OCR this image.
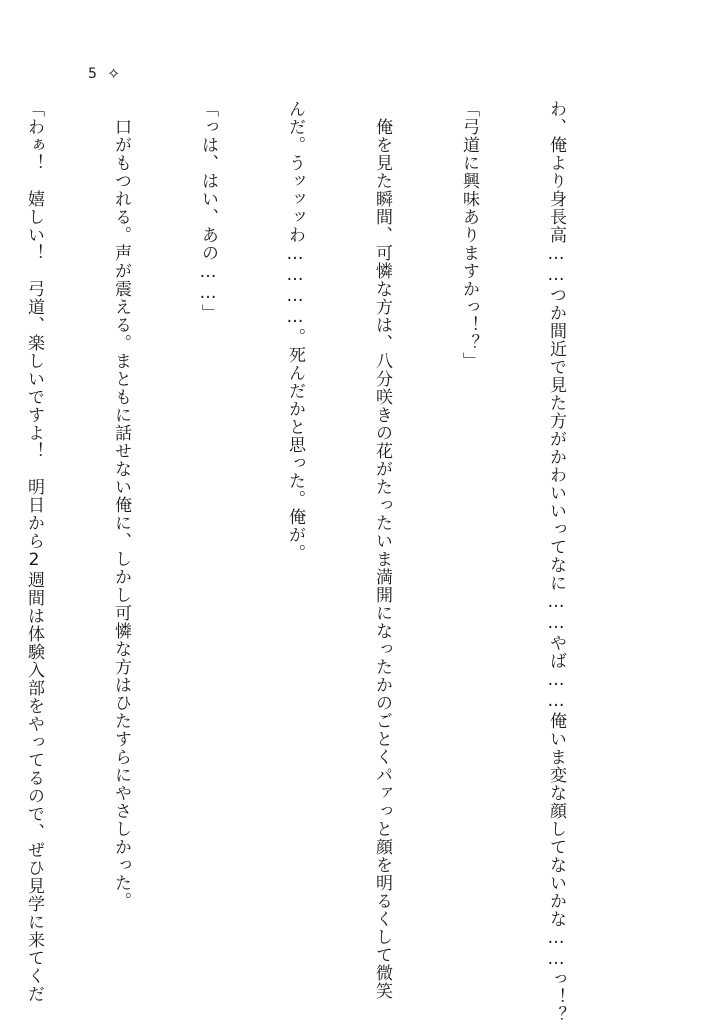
5 ✧

わ、俺より身長高……つか間近で見た方がかわいいってなに……やば……俺いま変な顔してないかな……っ！？

「弓道に興味ありますかっ！？」

　俺を見た瞬間、可憐な方は、八分咲きの花がたったいま満開になったかのごとくパァっと顔を明るくして微笑

んだ。うッッッわ…………。死んだかと思った。俺が。

「っは、はい、あの……」

　口がもつれる。声が震える。まともに話せない俺に、しかし可憐な方はひたすらにやさしかった。

「わぁ！　嬉しい！　弓道、楽しいですよ！　明日から2週間は体験入部をやってるので、ぜひ見学に来てくだ
